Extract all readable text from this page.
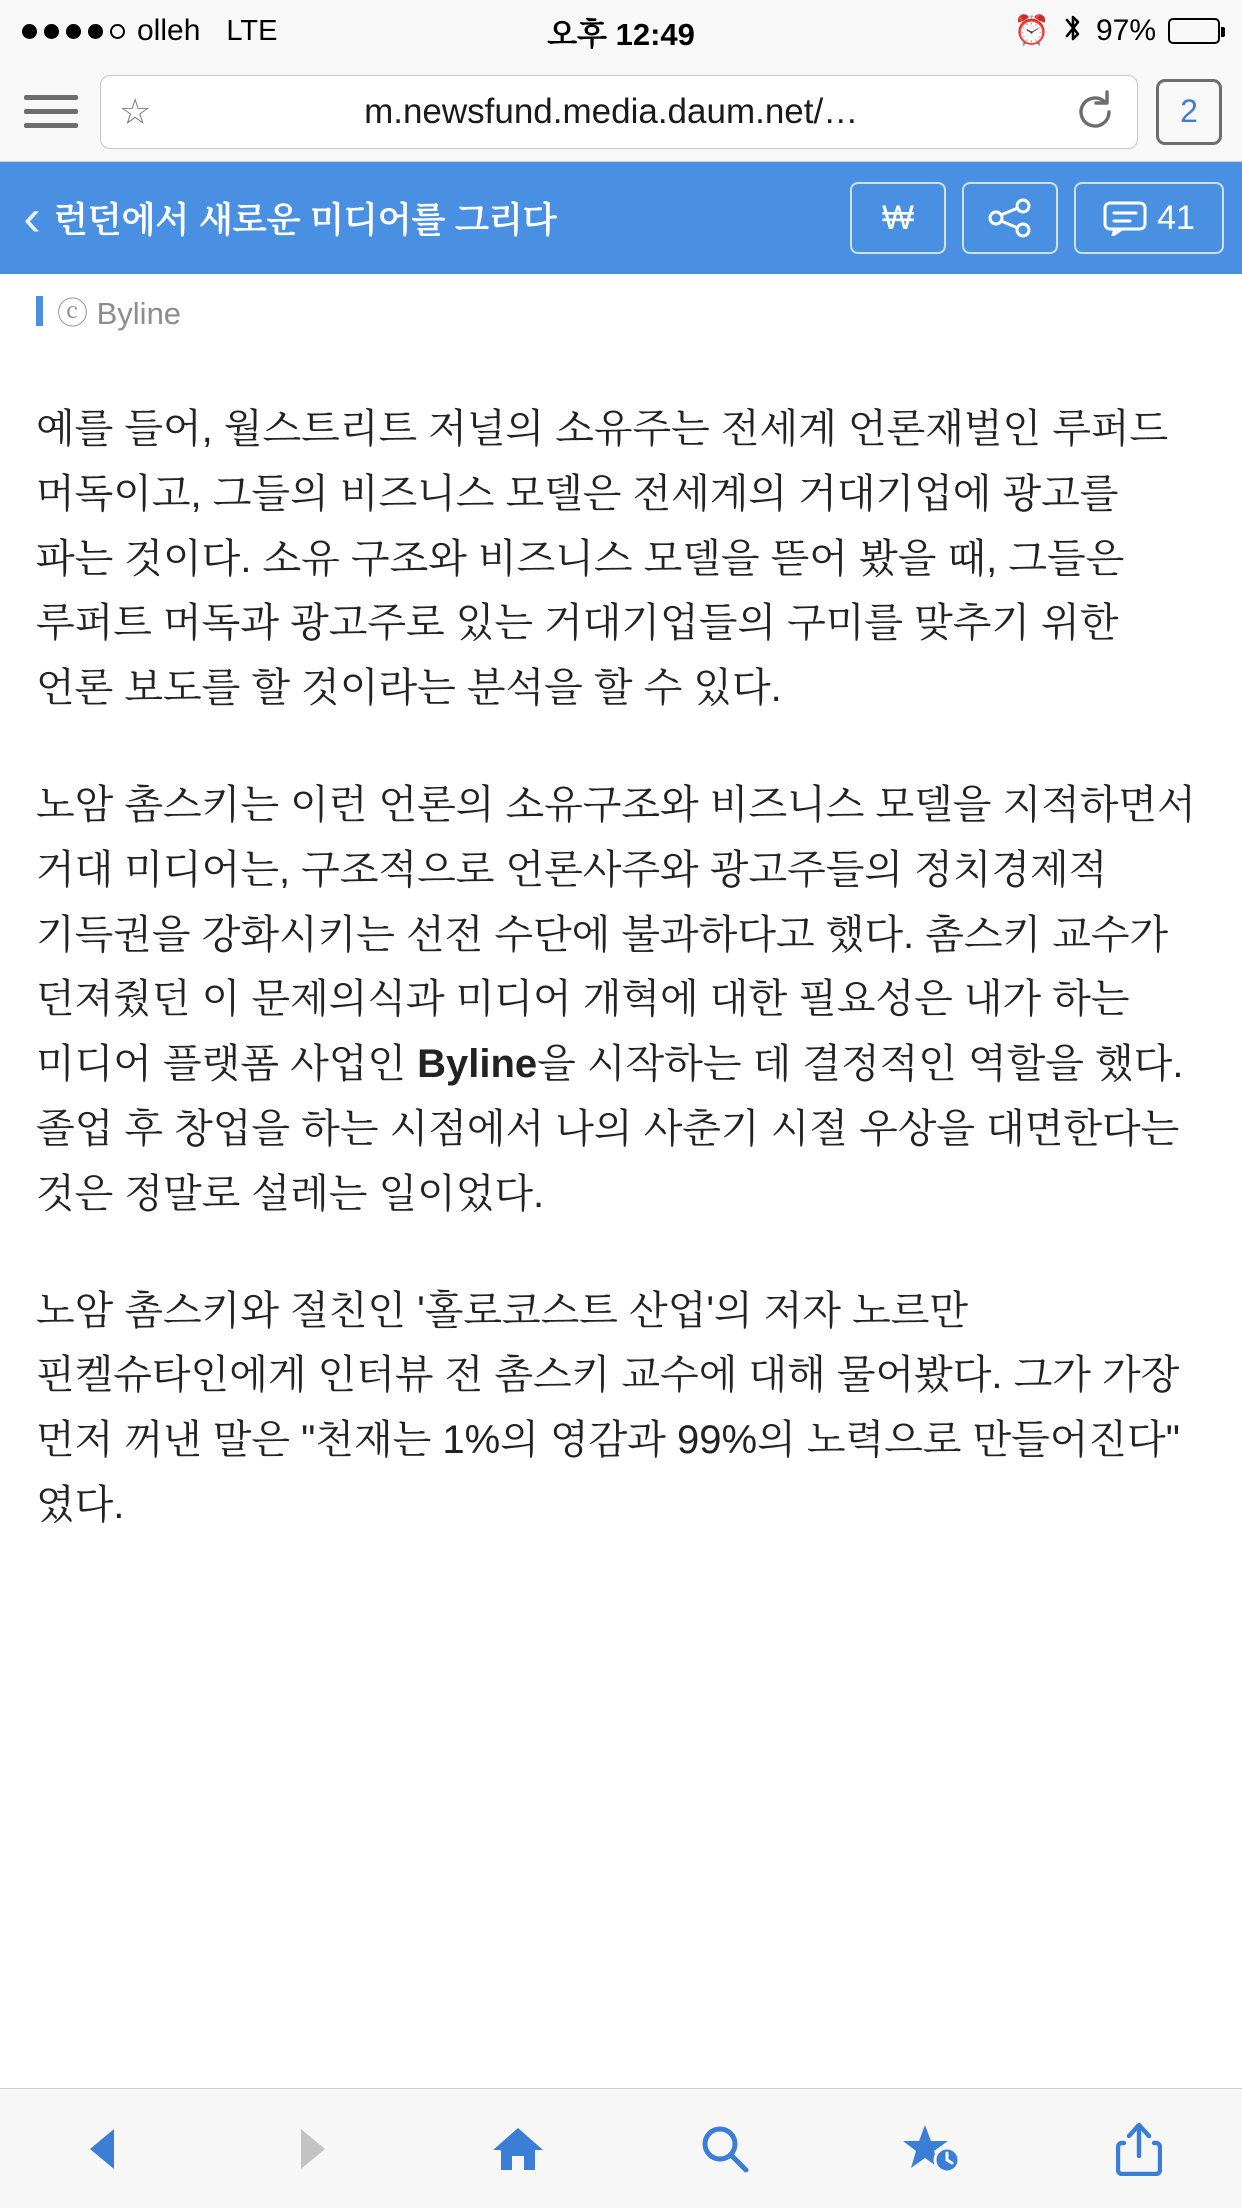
olleh LTE	오후 12:49	⏰ 97%
☆	m.newsfund.media.daum.net/…	2
‹ 런던에서 새로운 미디어를 그리다	₩	41
ⓒ Byline

예를 들어, 월스트리트 저널의 소유주는 전세계 언론재벌인 루퍼드 머독이고, 그들의 비즈니스 모델은 전세계의 거대기업에 광고를 파는 것이다. 소유 구조와 비즈니스 모델을 뜯어 봤을 때, 그들은 루퍼트 머독과 광고주로 있는 거대기업들의 구미를 맞추기 위한 언론 보도를 할 것이라는 분석을 할 수 있다.

노암 촘스키는 이런 언론의 소유구조와 비즈니스 모델을 지적하면서 거대 미디어는, 구조적으로 언론사주와 광고주들의 정치경제적 기득권을 강화시키는 선전 수단에 불과하다고 했다. 촘스키 교수가 던져줬던 이 문제의식과 미디어 개혁에 대한 필요성은 내가 하는 미디어 플랫폼 사업인 Byline을 시작하는 데 결정적인 역할을 했다. 졸업 후 창업을 하는 시점에서 나의 사춘기 시절 우상을 대면한다는 것은 정말로 설레는 일이었다.

노암 촘스키와 절친인 '홀로코스트 산업'의 저자 노르만 핀켈슈타인에게 인터뷰 전 촘스키 교수에 대해 물어봤다. 그가 가장 먼저 꺼낸 말은 "천재는 1%의 영감과 99%의 노력으로 만들어진다" 였다.
